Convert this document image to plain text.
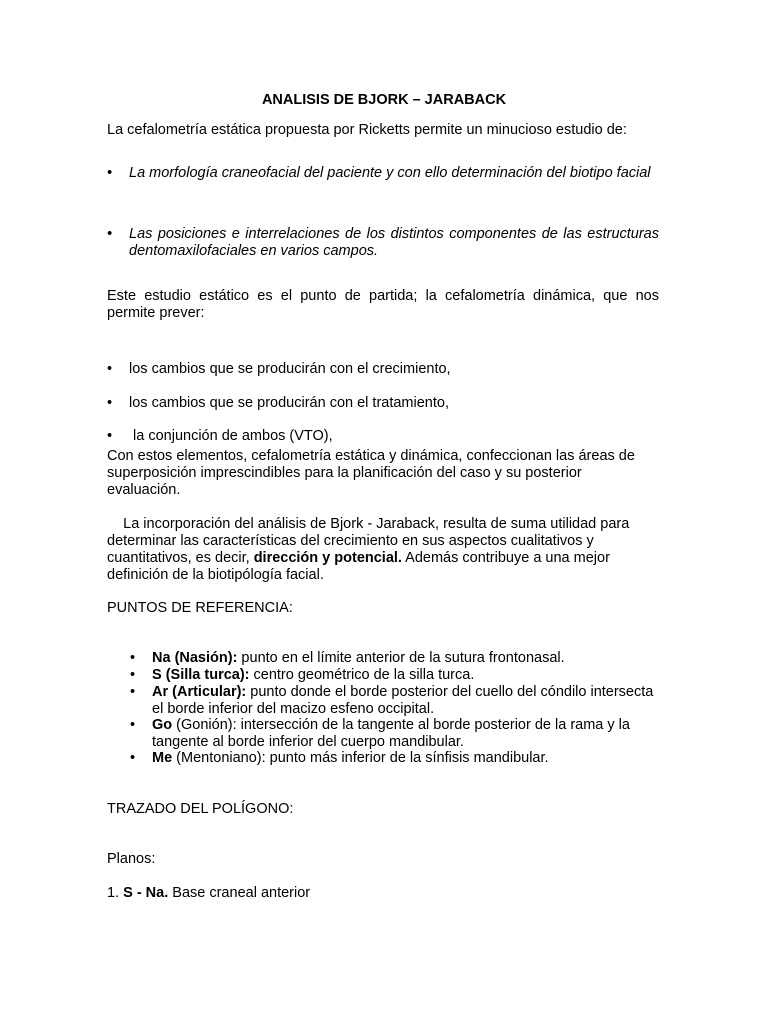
ANALISIS DE BJORK – JARABACK
La cefalometría estática propuesta por Ricketts permite un minucioso estudio de:
•	La morfología craneofacial del paciente y con ello determinación del biotipo facial
•	Las posiciones e interrelaciones de los distintos componentes de las estructuras dentomaxilofaciales en varios campos.
Este estudio estático es el punto de partida; la cefalometría dinámica, que nos permite prever:
•	los cambios que se producirán con el crecimiento,
•	los cambios que se producirán con el tratamiento,
•	la conjunción de ambos (VTO),
Con estos elementos, cefalometría estática y dinámica, confeccionan las áreas de superposición imprescindibles para la planificación del caso y su posterior evaluación.
La incorporación del análisis de Bjork - Jaraback, resulta de suma utilidad para determinar las características del crecimiento en sus aspectos cualitativos y cuantitativos, es decir, dirección y potencial. Además contribuye a una mejor definición de la biotipólogía facial.
PUNTOS DE REFERENCIA:
• Na (Nasión): punto en el límite anterior de la sutura frontonasal.
• S (Silla turca): centro geométrico de la silla turca.
• Ar (Articular): punto donde el borde posterior del cuello del cóndilo intersecta el borde inferior del macizo esfeno occipital.
• Go (Gonión): intersección de la tangente al borde posterior de la rama y la tangente al borde inferior del cuerpo mandibular.
• Me (Mentoniano): punto más inferior de la sínfisis mandibular.
TRAZADO DEL POLÍGONO:
Planos:
1. S - Na. Base craneal anterior
